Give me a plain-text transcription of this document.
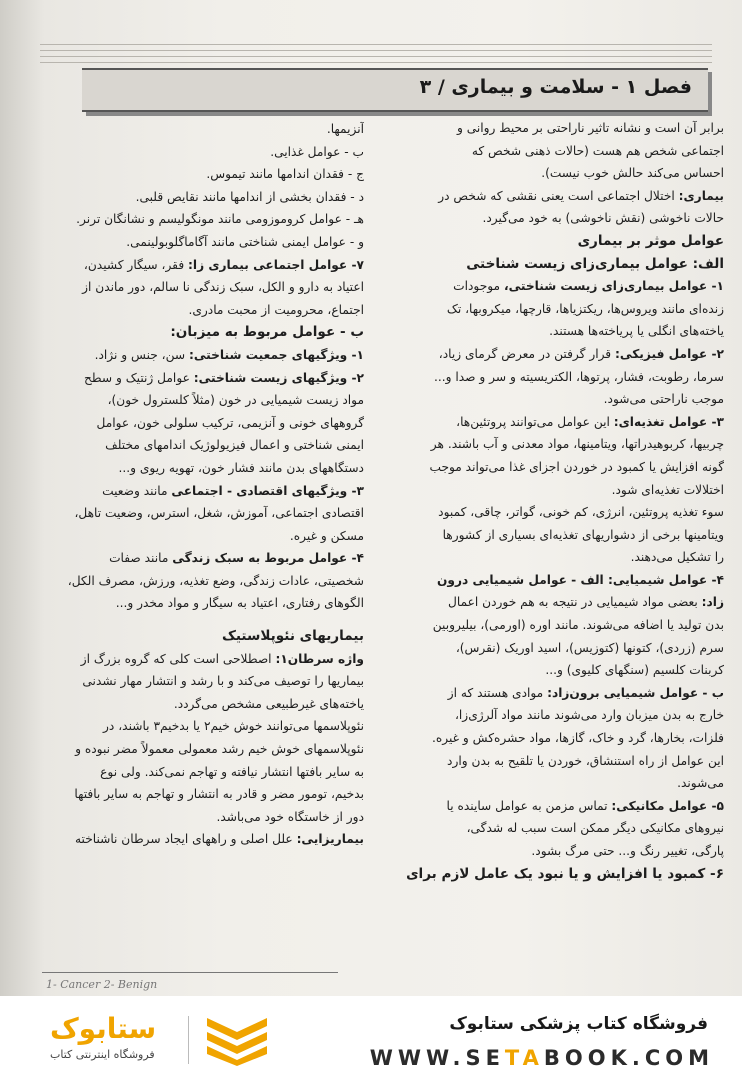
فصل ۱ - سلامت و بیماری / ۳
برابر آن است و نشانه تاثیر ناراحتی بر محیط روانی و
اجتماعی شخص هم هست (حالات ذهنی شخص که
احساس می‌کند حالش خوب نیست).
بیماری: اختلال اجتماعی است یعنی نقشی که شخص در
حالات ناخوشی (نقش ناخوشی) به خود می‌گیرد.
عوامل موثر بر بیماری
الف: عوامل بیماری‌زای زیست شناختی
۱- عوامل بیماری‌زای زیست شناختی، موجودات
زنده‌ای مانند ویروس‌ها، ریکتزیاها، قارچها، میکروبها، تک
یاخته‌های انگلی یا پریاخته‌ها هستند.
۲- عوامل فیزیکی: قرار گرفتن در معرض گرمای زیاد،
سرما، رطوبت، فشار، پرتوها، الکتریسیته و سر و صدا و...
موجب ناراحتی می‌شود.
۳- عوامل تغذیه‌ای: این عوامل می‌توانند پروتئین‌ها،
چربیها، کربوهیدراتها، ویتامینها، مواد معدنی و آب باشند. هر
گونه افزایش یا کمبود در خوردن اجزای غذا می‌تواند موجب
اختلالات تغذیه‌ای شود.
سوء تغذیه پروتئین، انرژی، کم خونی، گواتر، چاقی، کمبود
ویتامینها برخی از دشواریهای تغذیه‌ای بسیاری از کشورها
را تشکیل می‌دهند.
۴- عوامل شیمیایی: الف - عوامل شیمیایی درون
زاد: بعضی مواد شیمیایی در نتیجه به هم خوردن اعمال
بدن تولید یا اضافه می‌شوند. مانند اوره (اورمی)، بیلیروبین
سرم (زردی)، کتونها (کتوزیس)، اسید اوریک (نقرس)،
کربنات کلسیم (سنگهای کلیوی) و...
ب - عوامل شیمیایی برون‌زاد: موادی هستند که از
خارج به بدن میزبان وارد می‌شوند مانند مواد آلرژی‌زا،
فلزات، بخارها، گرد و خاک، گازها، مواد حشره‌کش و غیره.
این عوامل از راه استنشاق، خوردن یا تلقیح به بدن وارد
می‌شوند.
۵- عوامل مکانیکی: تماس مزمن به عوامل ساینده یا
نیروهای مکانیکی دیگر ممکن است سبب له شدگی،
پارگی، تغییر رنگ و... حتی مرگ بشود.
۶- کمبود یا افزایش و یا نبود یک عامل لازم برای
آنزیمها.
ب - عوامل غذایی.
ج - فقدان اندامها مانند تیموس.
د - فقدان بخشی از اندامها مانند نقایص قلبی.
هـ - عوامل کروموزومی مانند مونگولیسم و نشانگان ترنر.
و - عوامل ایمنی شناختی مانند آگاماگلوبولینمی.
۷- عوامل اجتماعی بیماری زا: فقر، سیگار کشیدن،
اعتیاد به دارو و الکل، سبک زندگی نا سالم، دور ماندن از
اجتماع، محرومیت از محبت مادری.
ب - عوامل مربوط به میزبان:
۱- ویژگیهای جمعیت شناختی: سن، جنس و نژاد.
۲- ویژگیهای زیست شناختی: عوامل ژنتیک و سطح
مواد زیست شیمیایی در خون (مثلاً کلسترول خون)،
گروههای خونی و آنزیمی، ترکیب سلولی خون، عوامل
ایمنی شناختی و اعمال فیزیولوژیک اندامهای مختلف
دستگاههای بدن مانند فشار خون، تهویه ریوی و...
۳- ویژگیهای اقتصادی - اجتماعی مانند وضعیت
اقتصادی اجتماعی، آموزش، شغل، استرس، وضعیت تاهل،
مسکن و غیره.
۴- عوامل مربوط به سبک زندگی مانند صفات
شخصیتی، عادات زندگی، وضع تغذیه، ورزش، مصرف الکل،
الگوهای رفتاری، اعتیاد به سیگار و مواد مخدر و...
بیماریهای نئوپلاستیک
واژه سرطان۱: اصطلاحی است کلی که گروه بزرگ از
بیماریها را توصیف می‌کند و با رشد و انتشار مهار نشدنی
یاخته‌های غیرطبیعی مشخص می‌گردد.
نئوپلاسمها می‌توانند خوش خیم۲ یا بدخیم۳ باشند، در
نئوپلاسمهای خوش خیم رشد معمولی معمولاً مضر نبوده و
به سایر بافتها انتشار نیافته و تهاجم نمی‌کند. ولی نوع
بدخیم، تومور مضر و قادر به انتشار و تهاجم به سایر بافتها
دور از خاستگاه خود می‌باشد.
بیماریزایی: علل اصلی و راههای ایجاد سرطان ناشناخته
1- Cancer 2- Benign
ستابوک
فروشگاه اینترنتی کتاب
فروشگاه کتاب پزشکی ستابوک
WWW.SETABOOK.COM
